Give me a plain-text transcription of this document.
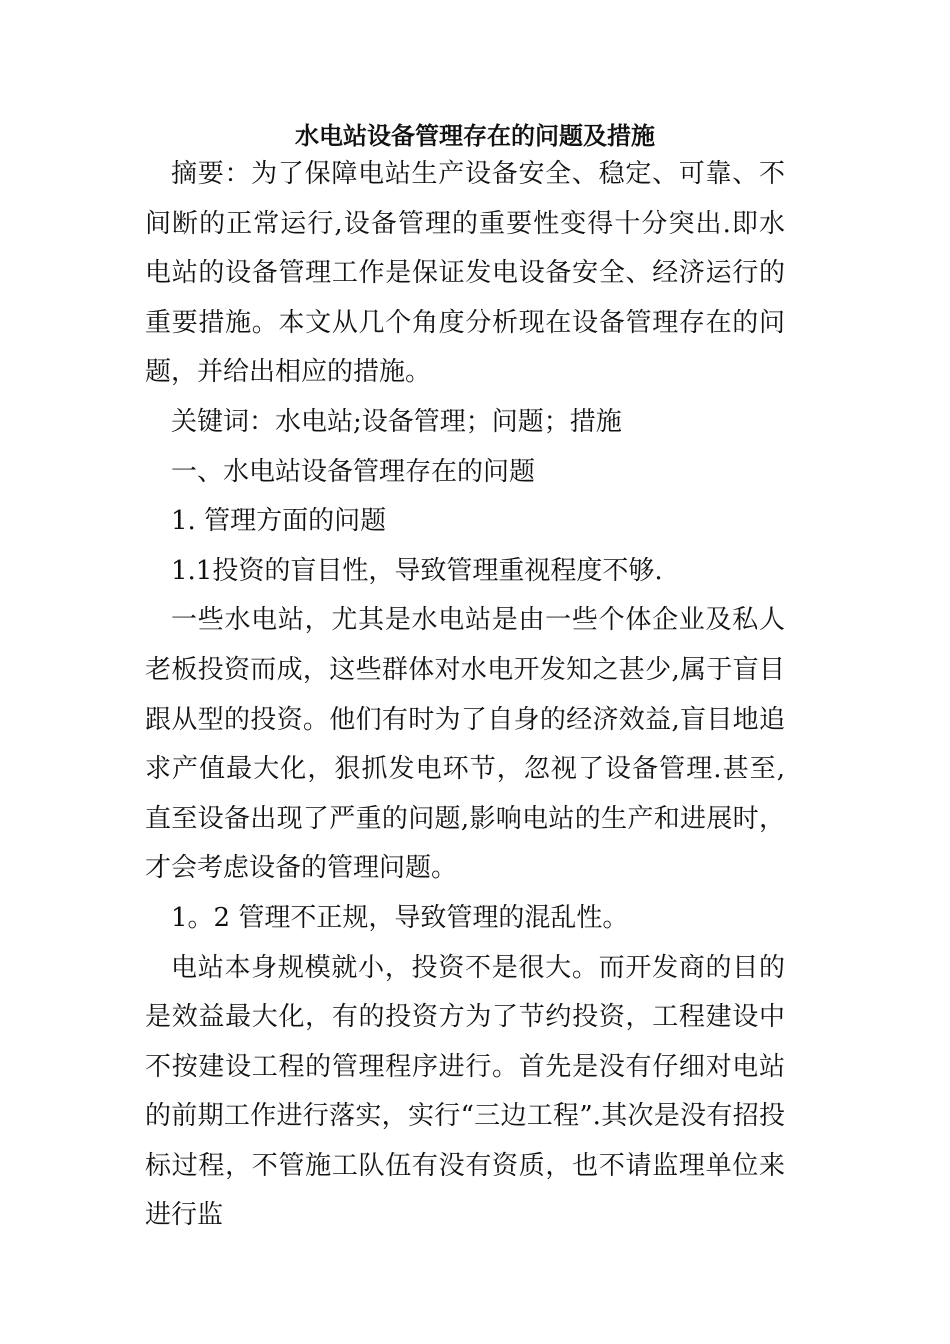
水电站设备管理存在的问题及措施

摘要：为了保障电站生产设备安全、稳定、可靠、不间断的正常运行,设备管理的重要性变得十分突出.即水电站的设备管理工作是保证发电设备安全、经济运行的重要措施。本文从几个角度分析现在设备管理存在的问题，并给出相应的措施。

关键词：水电站;设备管理；问题；措施

一、水电站设备管理存在的问题

1. 管理方面的问题

1.1投资的盲目性，导致管理重视程度不够.

一些水电站，尤其是水电站是由一些个体企业及私人老板投资而成，这些群体对水电开发知之甚少,属于盲目跟从型的投资。他们有时为了自身的经济效益,盲目地追求产值最大化，狠抓发电环节，忽视了设备管理.甚至,直至设备出现了严重的问题,影响电站的生产和进展时，才会考虑设备的管理问题。

1。2 管理不正规，导致管理的混乱性。

电站本身规模就小，投资不是很大。而开发商的目的是效益最大化，有的投资方为了节约投资，工程建设中不按建设工程的管理程序进行。首先是没有仔细对电站的前期工作进行落实，实行“三边工程”.其次是没有招投标过程，不管施工队伍有没有资质，也不请监理单位来进行监
